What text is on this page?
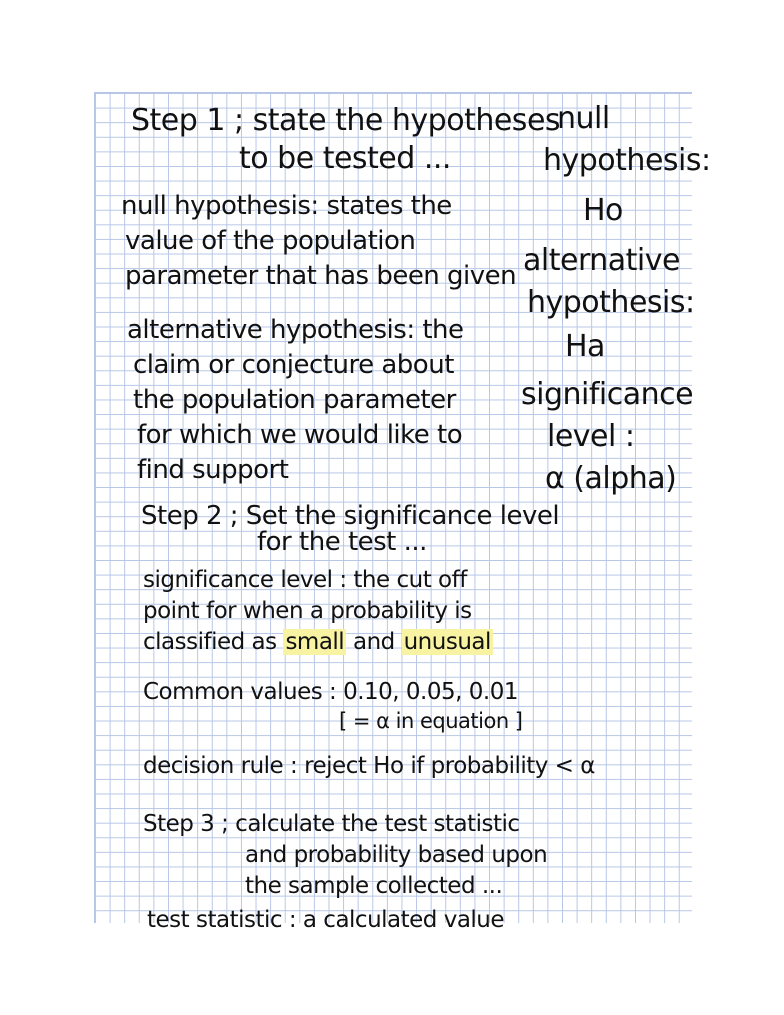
Step 1 ; state the hypotheses
to be tested ...
null hypothesis: states the
value of the population
parameter that has been given
alternative hypothesis: the
claim or conjecture about
the population parameter
for which we would like to
find support
null
hypothesis:
Ho
alternative
hypothesis:
Ha
significance
level :
α (alpha)
Step 2 ; Set the significance level
for the test ...
significance level : the cut off
point for when a probability is
classified as small and unusual
Common values : 0.10, 0.05, 0.01
[ = α in equation ]
decision rule : reject Ho if probability < α
Step 3 ; calculate the test statistic
and probability based upon
the sample collected ...
test statistic : a calculated value
